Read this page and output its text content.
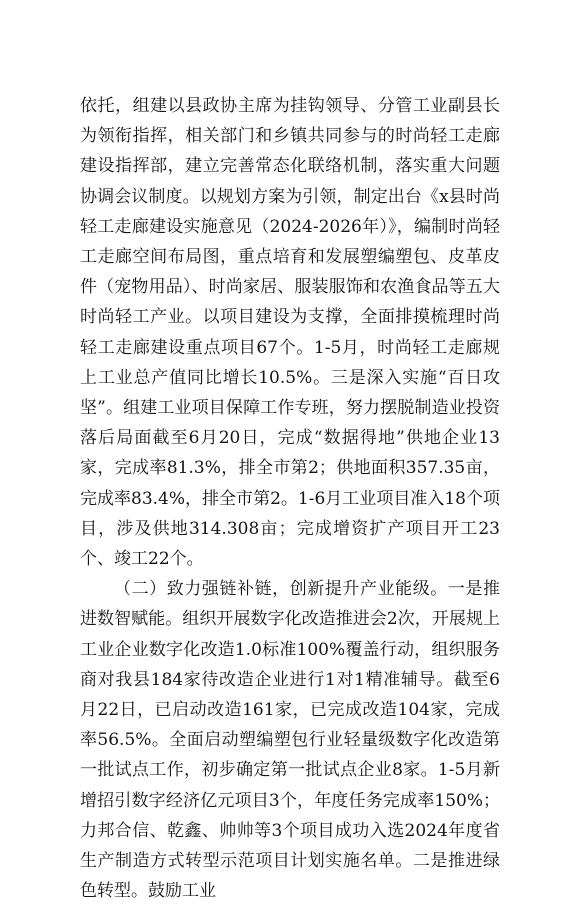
依托，组建以县政协主席为挂钩领导、分管工业副县长为领衔指挥，相关部门和乡镇共同参与的时尚轻工走廊建设指挥部，建立完善常态化联络机制，落实重大问题协调会议制度。以规划方案为引领，制定出台《x县时尚轻工走廊建设实施意见（2024-2026年）》，编制时尚轻工走廊空间布局图，重点培育和发展塑编塑包、皮革皮件（宠物用品）、时尚家居、服装服饰和农渔食品等五大时尚轻工产业。以项目建设为支撑，全面排摸梳理时尚轻工走廊建设重点项目67个。1-5月，时尚轻工走廊规上工业总产值同比增长10.5%。三是深入实施“百日攻坚”。组建工业项目保障工作专班，努力摆脱制造业投资落后局面截至6月20日，完成“数据得地”供地企业13家，完成率81.3%，排全市第2；供地面积357.35亩，完成率83.4%，排全市第2。1-6月工业项目准入18个项目，涉及供地314.308亩；完成增资扩产项目开工23个、竣工22个。

（二）致力强链补链，创新提升产业能级。一是推进数智赋能。组织开展数字化改造推进会2次，开展规上工业企业数字化改造1.0标准100%覆盖行动，组织服务商对我县184家待改造企业进行1对1精准辅导。截至6月22日，已启动改造161家，已完成改造104家，完成率56.5%。全面启动塑编塑包行业轻量级数字化改造第一批试点工作，初步确定第一批试点企业8家。1-5月新增招引数字经济亿元项目3个，年度任务完成率150%；力邦合信、乾鑫、帅帅等3个项目成功入选2024年度省生产制造方式转型示范项目计划实施名单。二是推进绿色转型。鼓励工业
